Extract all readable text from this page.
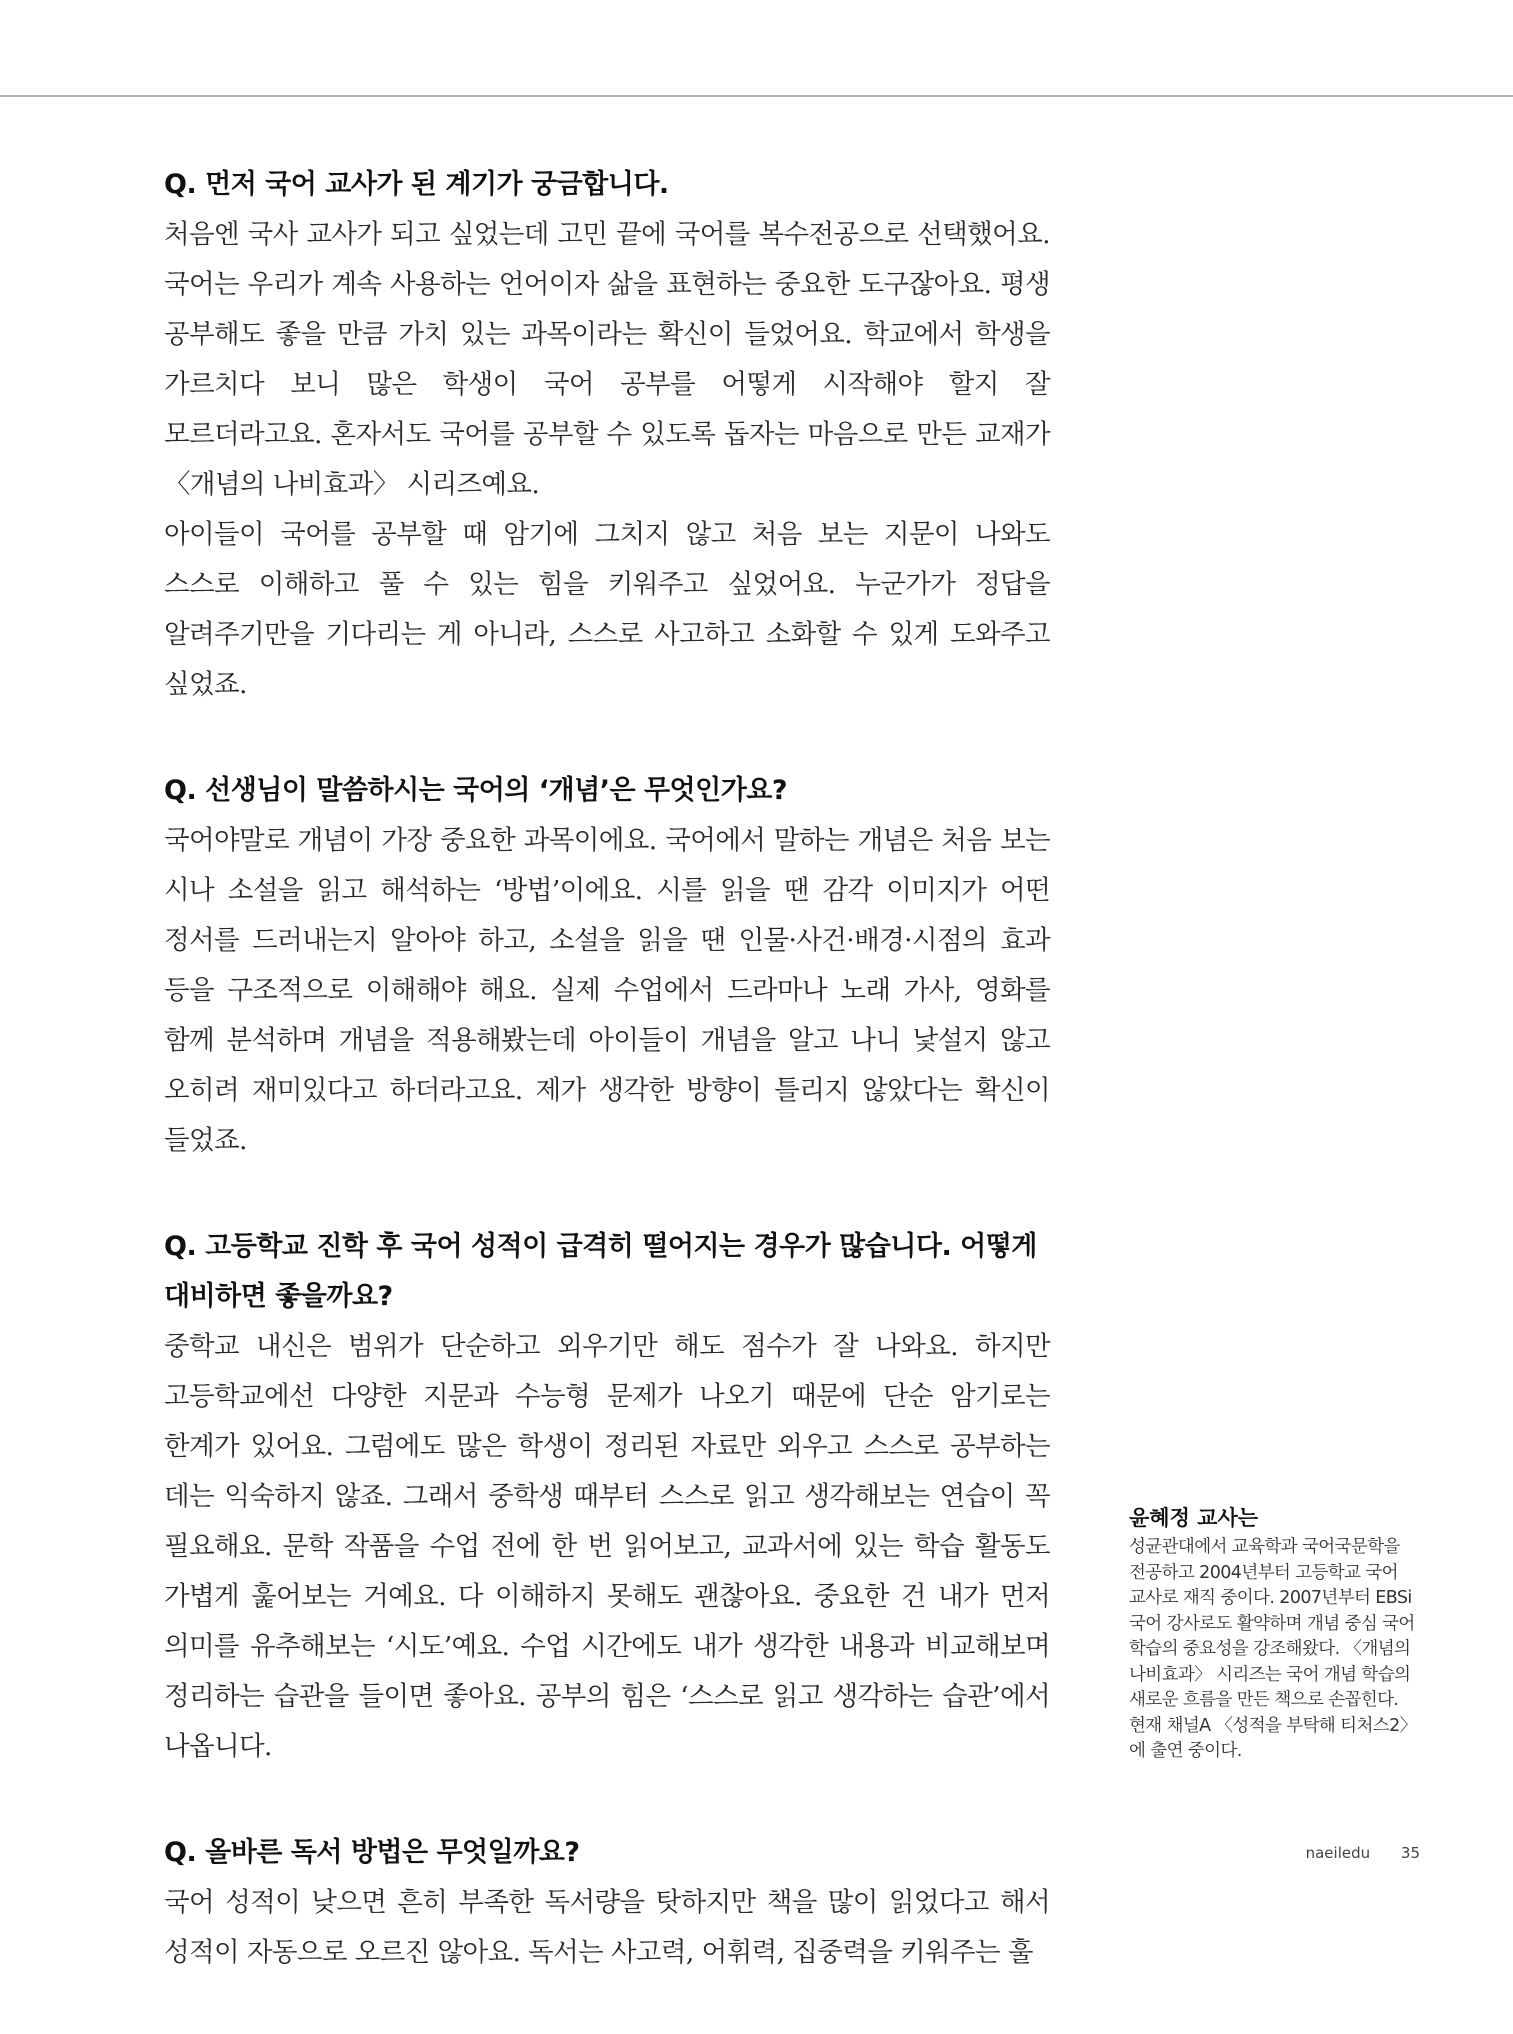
Q. 먼저 국어 교사가 된 계기가 궁금합니다.

처음엔 국사 교사가 되고 싶었는데 고민 끝에 국어를 복수전공으로 선택했어요. 국어는 우리가 계속 사용하는 언어이자 삶을 표현하는 중요한 도구잖아요. 평생 공부해도 좋을 만큼 가치 있는 과목이라는 확신이 들었어요. 학교에서 학생을 가르치다 보니 많은 학생이 국어 공부를 어떻게 시작해야 할지 잘 모르더라고요. 혼자서도 국어를 공부할 수 있도록 돕자는 마음으로 만든 교재가 〈개념의 나비효과〉 시리즈예요.

아이들이 국어를 공부할 때 암기에 그치지 않고 처음 보는 지문이 나와도 스스로 이해하고 풀 수 있는 힘을 키워주고 싶었어요. 누군가가 정답을 알려주기만을 기다리는 게 아니라, 스스로 사고하고 소화할 수 있게 도와주고 싶었죠.

Q. 선생님이 말씀하시는 국어의 ‘개념’은 무엇인가요?

국어야말로 개념이 가장 중요한 과목이에요. 국어에서 말하는 개념은 처음 보는 시나 소설을 읽고 해석하는 ‘방법’이에요. 시를 읽을 땐 감각 이미지가 어떤 정서를 드러내는지 알아야 하고, 소설을 읽을 땐 인물·사건·배경·시점의 효과 등을 구조적으로 이해해야 해요. 실제 수업에서 드라마나 노래 가사, 영화를 함께 분석하며 개념을 적용해봤는데 아이들이 개념을 알고 나니 낯설지 않고 오히려 재미있다고 하더라고요. 제가 생각한 방향이 틀리지 않았다는 확신이 들었죠.

Q. 고등학교 진학 후 국어 성적이 급격히 떨어지는 경우가 많습니다. 어떻게 대비하면 좋을까요?

중학교 내신은 범위가 단순하고 외우기만 해도 점수가 잘 나와요. 하지만 고등학교에선 다양한 지문과 수능형 문제가 나오기 때문에 단순 암기로는 한계가 있어요. 그럼에도 많은 학생이 정리된 자료만 외우고 스스로 공부하는 데는 익숙하지 않죠. 그래서 중학생 때부터 스스로 읽고 생각해보는 연습이 꼭 필요해요. 문학 작품을 수업 전에 한 번 읽어보고, 교과서에 있는 학습 활동도 가볍게 훑어보는 거예요. 다 이해하지 못해도 괜찮아요. 중요한 건 내가 먼저 의미를 유추해보는 ‘시도’예요. 수업 시간에도 내가 생각한 내용과 비교해보며 정리하는 습관을 들이면 좋아요. 공부의 힘은 ‘스스로 읽고 생각하는 습관’에서 나옵니다.

Q. 올바른 독서 방법은 무엇일까요?

국어 성적이 낮으면 흔히 부족한 독서량을 탓하지만 책을 많이 읽었다고 해서 성적이 자동으로 오르진 않아요. 독서는 사고력, 어휘력, 집중력을 키워주는 훌

윤혜정 교사는

성균관대에서 교육학과 국어국문학을 전공하고 2004년부터 고등학교 국어 교사로 재직 중이다. 2007년부터 EBSi 국어 강사로도 활약하며 개념 중심 국어 학습의 중요성을 강조해왔다. 〈개념의 나비효과〉 시리즈는 국어 개념 학습의 새로운 흐름을 만든 책으로 손꼽힌다. 현재 채널A 〈성적을 부탁해 티처스2〉에 출연 중이다.

naeiledu 35
